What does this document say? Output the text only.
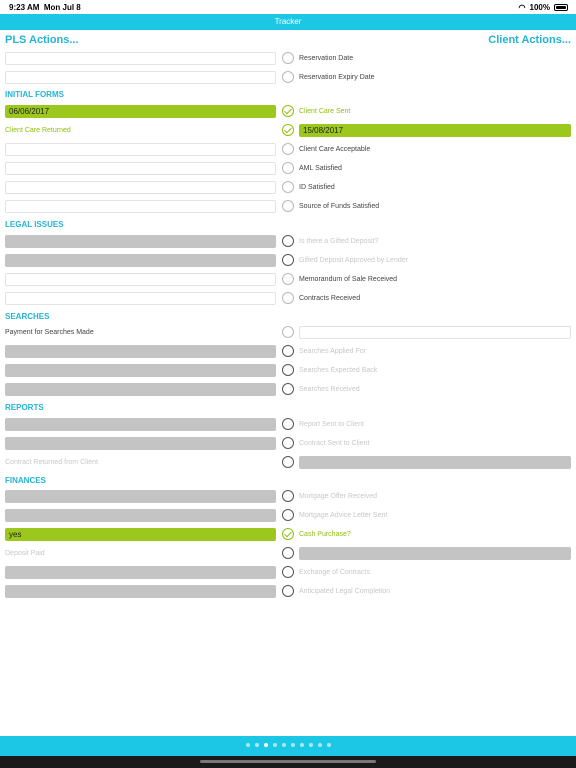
9:23 AM Mon Jul 8	◠ 100%
Tracker
PLS Actions...	Client Actions...
Reservation Date
Reservation Expiry Date
INITIAL FORMS
06/06/2017	Client Care Sent
Client Care Returned	15/08/2017
Client Care Acceptable
AML Satisfied
ID Satisfied
Source of Funds Satisfied
LEGAL ISSUES
Is there a Gifted Deposit?
Gifted Deposit Approved by Lender
Memorandum of Sale Received
Contracts Received
SEARCHES
Payment for Searches Made
Searches Applied For
Searches Expected Back
Searches Received
REPORTS
Report Sent to Client
Contract Sent to Client
Contract Returned from Client
FINANCES
Mortgage Offer Received
Mortgage Advice Letter Sent
yes	Cash Purchase?
Deposit Paid
Exchange of Contracts
Anticipated Legal Completion
